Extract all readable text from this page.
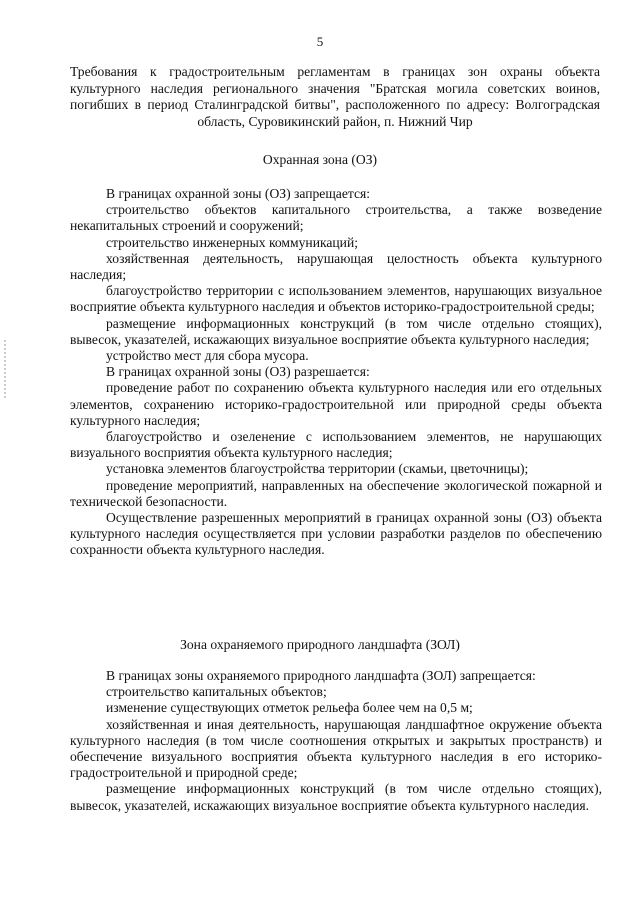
5
Требования к градостроительным регламентам в границах зон охраны объекта культурного наследия регионального значения "Братская могила советских воинов, погибших в период Сталинградской битвы", расположенного по адресу: Волгоградская область, Суровикинский район, п. Нижний Чир
Охранная зона (ОЗ)

В границах охранной зоны (ОЗ) запрещается:

строительство объектов капитального строительства, а также возведение некапитальных строений и сооружений;

строительство инженерных коммуникаций;

хозяйственная деятельность, нарушающая целостность объекта культурного наследия;

благоустройство территории с использованием элементов, нарушающих визуальное восприятие объекта культурного наследия и объектов историко-градостроительной среды;

размещение информационных конструкций (в том числе отдельно стоящих), вывесок, указателей, искажающих визуальное восприятие объекта культурного наследия;

устройство мест для сбора мусора.

В границах охранной зоны (ОЗ) разрешается:

проведение работ по сохранению объекта культурного наследия или его отдельных элементов, сохранению историко-градостроительной или природной среды объекта культурного наследия;

благоустройство и озеленение с использованием элементов, не нарушающих визуального восприятия объекта культурного наследия;

установка элементов благоустройства территории (скамьи, цветочницы);

проведение мероприятий, направленных на обеспечение экологической пожарной и технической безопасности.

Осуществление разрешенных мероприятий в границах охранной зоны (ОЗ) объекта культурного наследия осуществляется при условии разработки разделов по обеспечению сохранности объекта культурного наследия.

Зона охраняемого природного ландшафта (ЗОЛ)

В границах зоны охраняемого природного ландшафта (ЗОЛ) запрещается:

строительство капитальных объектов;

изменение существующих отметок рельефа более чем на 0,5 м;

хозяйственная и иная деятельность, нарушающая ландшафтное окружение объекта культурного наследия (в том числе соотношения открытых и закрытых пространств) и обеспечение визуального восприятия объекта культурного наследия в его историко-градостроительной и природной среде;

размещение информационных конструкций (в том числе отдельно стоящих), вывесок, указателей, искажающих визуальное восприятие объекта культурного наследия.
